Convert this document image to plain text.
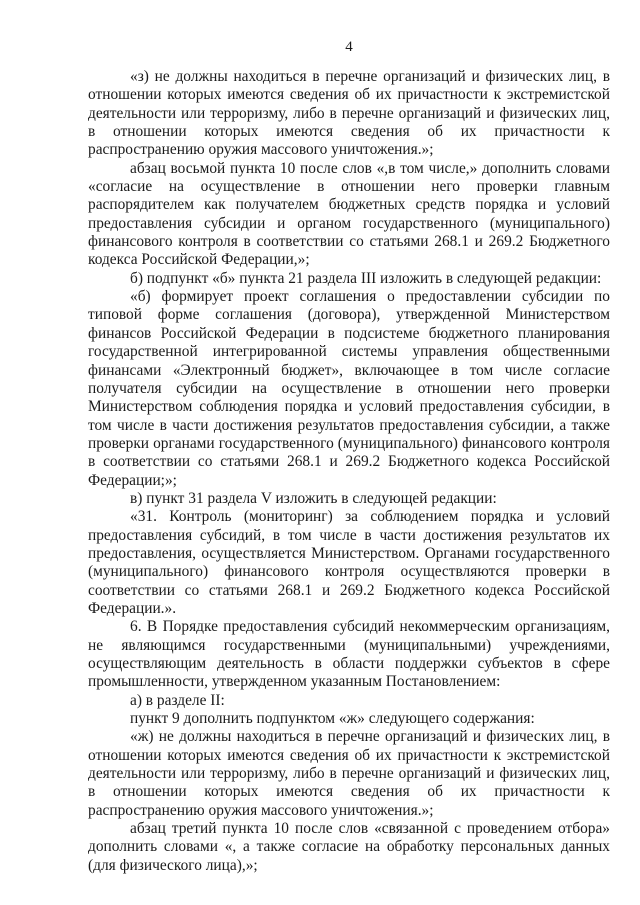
4

«з) не должны находиться в перечне организаций и физических лиц, в отношении которых имеются сведения об их причастности к экстремистской деятельности или терроризму, либо в перечне организаций и физических лиц, в отношении которых имеются сведения об их причастности к распространению оружия массового уничтожения.»;

абзац восьмой пункта 10 после слов «,в том числе,» дополнить словами «согласие на осуществление в отношении него проверки главным распорядителем как получателем бюджетных средств порядка и условий предоставления субсидии и органом государственного (муниципального) финансового контроля в соответствии со статьями 268.1 и 269.2 Бюджетного кодекса Российской Федерации,»;

б) подпункт «б» пункта 21 раздела III изложить в следующей редакции:

«б) формирует проект соглашения о предоставлении субсидии по типовой форме соглашения (договора), утвержденной Министерством финансов Российской Федерации в подсистеме бюджетного планирования государственной интегрированной системы управления общественными финансами «Электронный бюджет», включающее в том числе согласие получателя субсидии на осуществление в отношении него проверки Министерством соблюдения порядка и условий предоставления субсидии, в том числе в части достижения результатов предоставления субсидии, а также проверки органами государственного (муниципального) финансового контроля в соответствии со статьями 268.1 и 269.2 Бюджетного кодекса Российской Федерации;»;

в) пункт 31 раздела V изложить в следующей редакции:

«31. Контроль (мониторинг) за соблюдением порядка и условий предоставления субсидий, в том числе в части достижения результатов их предоставления, осуществляется Министерством. Органами государственного (муниципального) финансового контроля осуществляются проверки в соответствии со статьями 268.1 и 269.2 Бюджетного кодекса Российской Федерации.».

6. В Порядке предоставления субсидий некоммерческим организациям, не являющимся государственными (муниципальными) учреждениями, осуществляющим деятельность в области поддержки субъектов в сфере промышленности, утвержденном указанным Постановлением:

а) в разделе II:

пункт 9 дополнить подпунктом «ж» следующего содержания:

«ж) не должны находиться в перечне организаций и физических лиц, в отношении которых имеются сведения об их причастности к экстремистской деятельности или терроризму, либо в перечне организаций и физических лиц, в отношении которых имеются сведения об их причастности к распространению оружия массового уничтожения.»;

абзац третий пункта 10 после слов «связанной с проведением отбора» дополнить словами «, а также согласие на обработку персональных данных (для физического лица),»;
